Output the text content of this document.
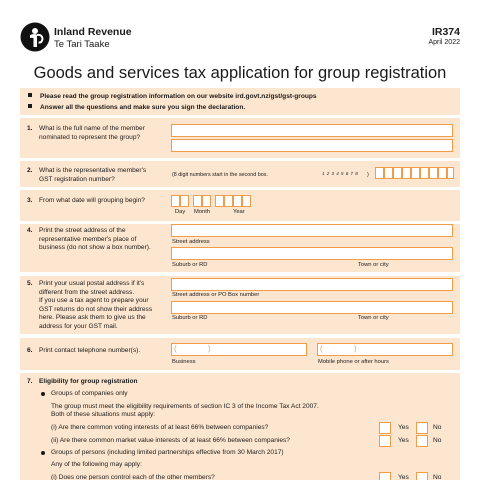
Inland Revenue
Te Tari Taake
IR374
April 2022
Goods and services tax application for group registration
Please read the group registration information on our website ird.govt.nz/gst/gst-groups
Answer all the questions and make sure you sign the declaration.
1. What is the full name of the member
nominated to represent the group?
2. What is the representative member's
GST registration number?
(8 digit numbers start in the second box.	1 2 3 4 5 6 7 8 )
3. From what date will grouping begin?
Day Month	Year
4. Print the street address of the
representative member's place of
business (do not show a box number).
Street address
Suburb or RD	Town or city
5. Print your usual postal address if it's
different from the street address.
If you use a tax agent to prepare your
GST returns do not show their address
here. Please ask them to give us the
address for your GST mail.
Street address or PO Box number
Suburb or RD	Town or city
6. Print contact telephone number(s).	(	)
Business
(	)
Mobile phone or after hours
7. Eligibility for group registration
Groups of companies only
The group must meet the eligibility requirements of section IC 3 of the Income Tax Act 2007.
Both of these situations must apply:
(i) Are there common voting interests of at least 66% between companies?	Yes	No
(ii) Are there common market value interests of at least 66% between companies?	Yes	No
Groups of persons (including limited partnerships effective from 30 March 2017)
Any of the following may apply:
(i) Does one person control each of the other members?	Yes	No
